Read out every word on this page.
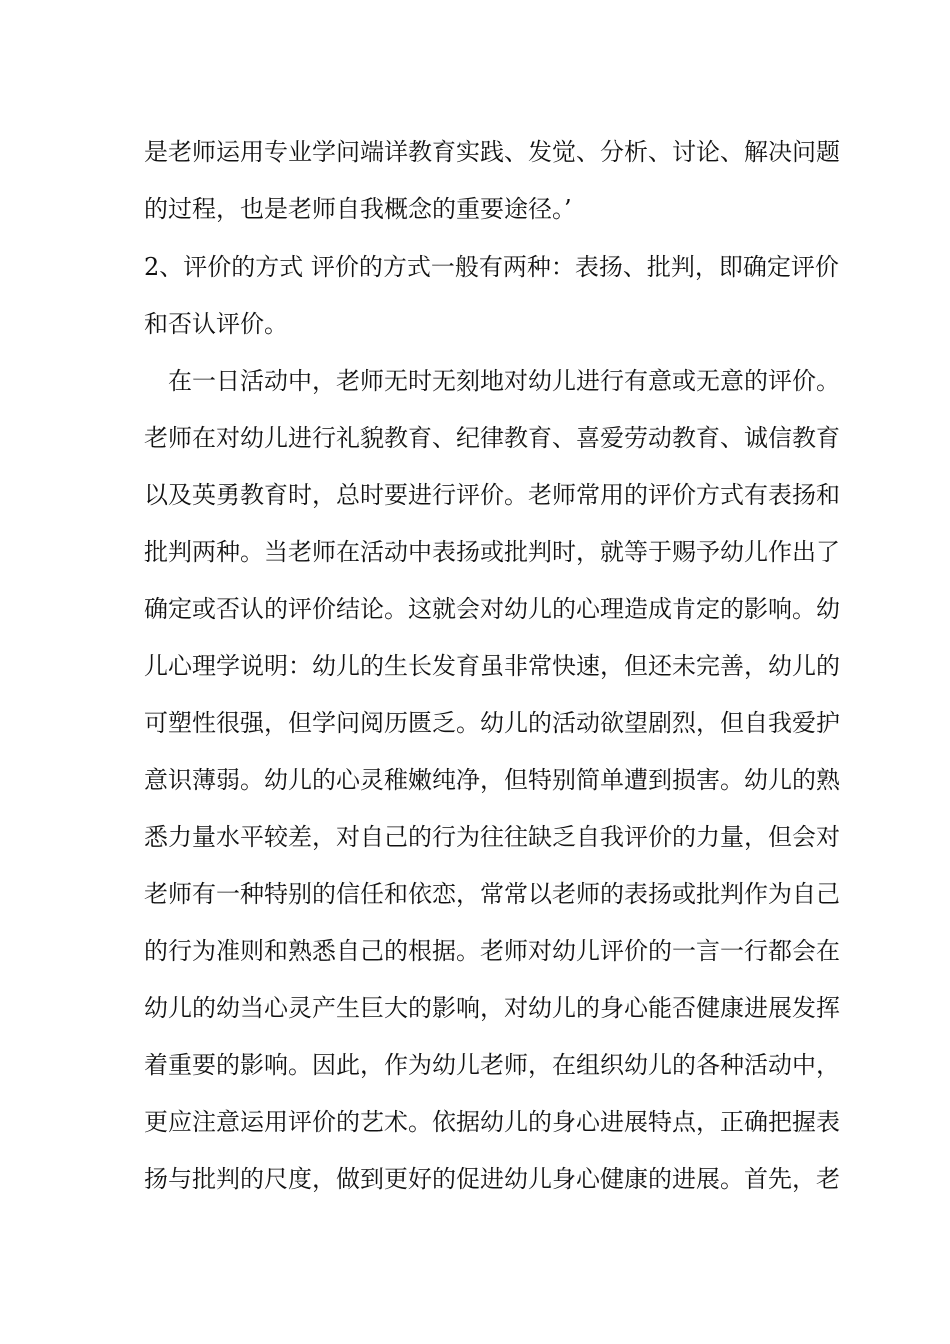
是老师运用专业学问端详教育实践、发觉、分析、讨论、解决问题
的过程，也是老师自我概念的重要途径。’
2、评价的方式 评价的方式一般有两种：表扬、批判，即确定评价
和否认评价。
在一日活动中，老师无时无刻地对幼儿进行有意或无意的评价。
老师在对幼儿进行礼貌教育、纪律教育、喜爱劳动教育、诚信教育
以及英勇教育时，总时要进行评价。老师常用的评价方式有表扬和
批判两种。当老师在活动中表扬或批判时，就等于赐予幼儿作出了
确定或否认的评价结论。这就会对幼儿的心理造成肯定的影响。幼
儿心理学说明：幼儿的生长发育虽非常快速，但还未完善，幼儿的
可塑性很强，但学问阅历匮乏。幼儿的活动欲望剧烈，但自我爱护
意识薄弱。幼儿的心灵稚嫩纯净，但特别简单遭到损害。幼儿的熟
悉力量水平较差，对自己的行为往往缺乏自我评价的力量，但会对
老师有一种特别的信任和依恋，常常以老师的表扬或批判作为自己
的行为准则和熟悉自己的根据。老师对幼儿评价的一言一行都会在
幼儿的幼当心灵产生巨大的影响，对幼儿的身心能否健康进展发挥
着重要的影响。因此，作为幼儿老师，在组织幼儿的各种活动中，
更应注意运用评价的艺术。依据幼儿的身心进展特点，正确把握表
扬与批判的尺度，做到更好的促进幼儿身心健康的进展。首先，老
